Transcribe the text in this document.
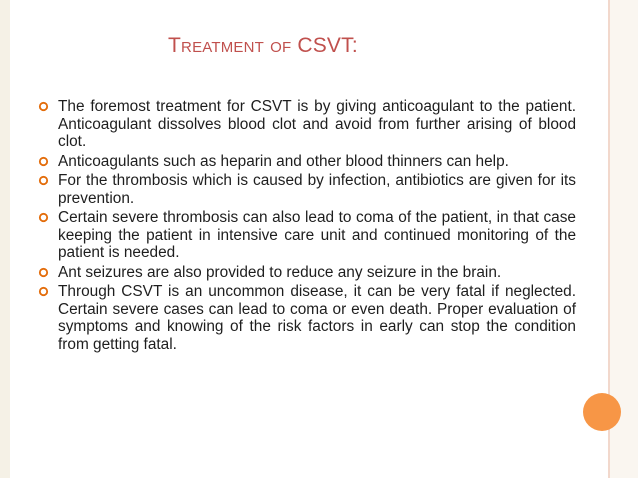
TREATMENT OF CSVT:
The foremost treatment for CSVT is by giving anticoagulant to the patient. Anticoagulant dissolves blood clot and avoid from further arising of blood clot.
Anticoagulants such as heparin and other blood thinners can help.
For the thrombosis which is caused by infection, antibiotics are given for its prevention.
Certain severe thrombosis can also lead to coma of the patient, in that case keeping the patient in intensive care unit and continued monitoring of the patient is needed.
Ant seizures are also provided to reduce any seizure in the brain.
Through CSVT is an uncommon disease, it can be very fatal if neglected. Certain severe cases can lead to coma or even death. Proper evaluation of symptoms and knowing of the risk factors in early can stop the condition from getting fatal.
